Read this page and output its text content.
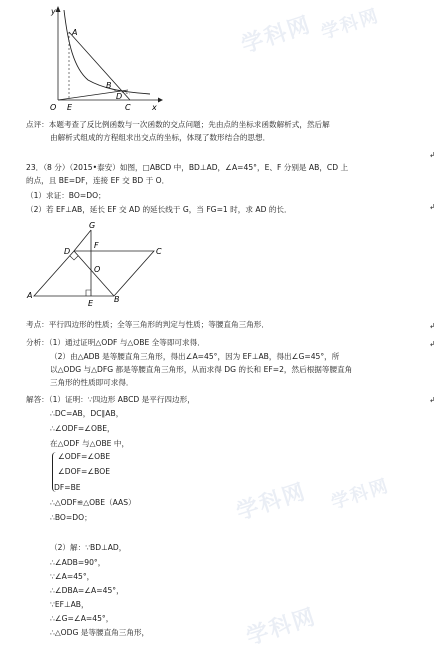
学科网 学科网
学科网 学科网
学科网
y
A
B
D
O E	C	x
点评：本题考查了反比例函数与一次函数的交点问题；先由点的坐标求函数解析式，然后解
由解析式组成的方程组求出交点的坐标，体现了数形结合的思想．
23．（8 分）（2015•泰安）如图，□ABCD 中，BD⊥AD，∠A=45°，E、F 分别是 AB，CD 上
的点，且 BE=DF，连接 EF 交 BD 于 O．
（1）求证：BO=DO；
（2）若 EF⊥AB，延长 EF 交 AD 的延长线于 G，当 FG=1 时，求 AD 的长．
G
D
F
C
O
A
E	B
考点：平行四边形的性质；全等三角形的判定与性质；等腰直角三角形．
分析：（1）通过证明△ODF 与△OBE 全等即可求得．
（2）由△ADB 是等腰直角三角形，得出∠A=45°，因为 EF⊥AB，得出∠G=45°，所
以△ODG 与△DFG 都是等腰直角三角形，从而求得 DG 的长和 EF=2，然后根据等腰直角
三角形的性质即可求得．
解答：（1）证明：∵四边形 ABCD 是平行四边形，
∴DC=AB，DC∥AB，
∴∠ODF=∠OBE，
在△ODF 与△OBE 中，
∠ODF=∠OBE
∠DOF=∠BOE
DF=BE
∴△ODF≌△OBE（AAS）
∴BO=DO；
（2）解：∵BD⊥AD，
∴∠ADB=90°，
∵∠A=45°，
∴∠DBA=∠A=45°，
∵EF⊥AB，
∴∠G=∠A=45°，
∴△ODG 是等腰直角三角形，
↲
↲
↲
↲
↲
